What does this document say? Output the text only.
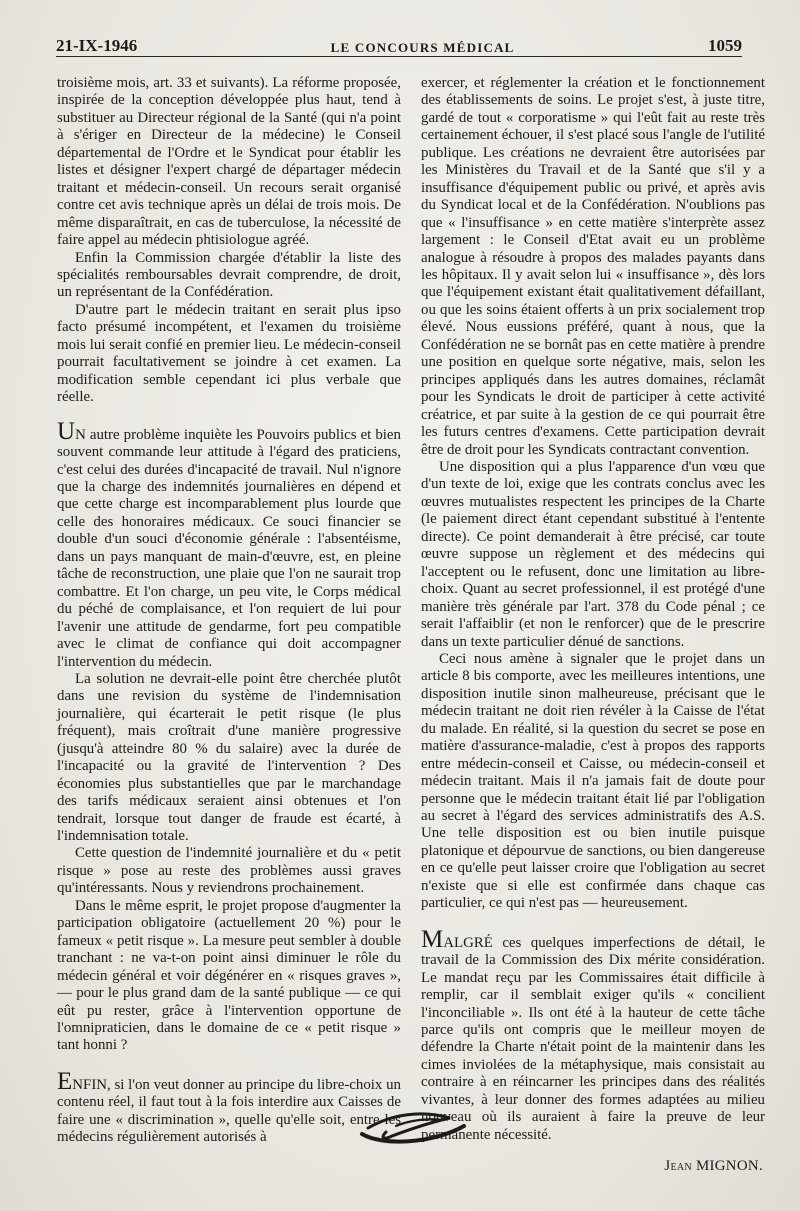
21-IX-1946	LE CONCOURS MÉDICAL	1059

troisième mois, art. 33 et suivants). La réforme proposée, inspirée de la conception développée plus haut, tend à substituer au Directeur régional de la Santé (qui n'a point à s'ériger en Directeur de la médecine) le Conseil départemental de l'Ordre et le Syndicat pour établir les listes et désigner l'expert chargé de départager médecin traitant et médecin-conseil. Un recours serait organisé contre cet avis technique après un délai de trois mois. De même disparaîtrait, en cas de tuberculose, la nécessité de faire appel au médecin phtisiologue agréé.

Enfin la Commission chargée d'établir la liste des spécialités remboursables devrait comprendre, de droit, un représentant de la Confédération.

D'autre part le médecin traitant en serait plus ipso facto présumé incompétent, et l'examen du troisième mois lui serait confié en premier lieu. Le médecin-conseil pourrait facultativement se joindre à cet examen. La modification semble cependant ici plus verbale que réelle.

UN autre problème inquiète les Pouvoirs publics et bien souvent commande leur attitude à l'égard des praticiens, c'est celui des durées d'incapacité de travail. Nul n'ignore que la charge des indemnités journalières en dépend et que cette charge est incomparablement plus lourde que celle des honoraires médicaux. Ce souci financier se double d'un souci d'économie générale : l'absentéisme, dans un pays manquant de main-d'œuvre, est, en pleine tâche de reconstruction, une plaie que l'on ne saurait trop combattre. Et l'on charge, un peu vite, le Corps médical du péché de complaisance, et l'on requiert de lui pour l'avenir une attitude de gendarme, fort peu compatible avec le climat de confiance qui doit accompagner l'intervention du médecin.

La solution ne devrait-elle point être cherchée plutôt dans une revision du système de l'indemnisation journalière, qui écarterait le petit risque (le plus fréquent), mais croîtrait d'une manière progressive (jusqu'à atteindre 80 % du salaire) avec la durée de l'incapacité ou la gravité de l'intervention ? Des économies plus substantielles que par le marchandage des tarifs médicaux seraient ainsi obtenues et l'on tendrait, lorsque tout danger de fraude est écarté, à l'indemnisation totale.

Cette question de l'indemnité journalière et du « petit risque » pose au reste des problèmes aussi graves qu'intéressants. Nous y reviendrons prochainement.

Dans le même esprit, le projet propose d'augmenter la participation obligatoire (actuellement 20 %) pour le fameux « petit risque ». La mesure peut sembler à double tranchant : ne va-t-on point ainsi diminuer le rôle du médecin général et voir dégénérer en « risques graves », — pour le plus grand dam de la santé publique — ce qui eût pu rester, grâce à l'intervention opportune de l'omnipraticien, dans le domaine de ce « petit risque » tant honni ?

ENFIN, si l'on veut donner au principe du libre-choix un contenu réel, il faut tout à la fois interdire aux Caisses de faire une « discrimination », quelle qu'elle soit, entre les médecins régulièrement autorisés à

exercer, et réglementer la création et le fonctionnement des établissements de soins. Le projet s'est, à juste titre, gardé de tout « corporatisme » qui l'eût fait au reste très certainement échouer, il s'est placé sous l'angle de l'utilité publique. Les créations ne devraient être autorisées par les Ministères du Travail et de la Santé que s'il y a insuffisance d'équipement public ou privé, et après avis du Syndicat local et de la Confédération. N'oublions pas que « l'insuffisance » en cette matière s'interprète assez largement : le Conseil d'Etat avait eu un problème analogue à résoudre à propos des malades payants dans les hôpitaux. Il y avait selon lui « insuffisance », dès lors que l'équipement existant était qualitativement défaillant, ou que les soins étaient offerts à un prix socialement trop élevé. Nous eussions préféré, quant à nous, que la Confédération ne se bornât pas en cette matière à prendre une position en quelque sorte négative, mais, selon les principes appliqués dans les autres domaines, réclamât pour les Syndicats le droit de participer à cette activité créatrice, et par suite à la gestion de ce qui pourrait être les futurs centres d'examens. Cette participation devrait être de droit pour les Syndicats contractant convention.

Une disposition qui a plus l'apparence d'un vœu que d'un texte de loi, exige que les contrats conclus avec les œuvres mutualistes respectent les principes de la Charte (le paiement direct étant cependant substitué à l'entente directe). Ce point demanderait à être précisé, car toute œuvre suppose un règlement et des médecins qui l'acceptent ou le refusent, donc une limitation au libre-choix. Quant au secret professionnel, il est protégé d'une manière très générale par l'art. 378 du Code pénal ; ce serait l'affaiblir (et non le renforcer) que de le prescrire dans un texte particulier dénué de sanctions.

Ceci nous amène à signaler que le projet dans un article 8 bis comporte, avec les meilleures intentions, une disposition inutile sinon malheureuse, précisant que le médecin traitant ne doit rien révéler à la Caisse de l'état du malade. En réalité, si la question du secret se pose en matière d'assurance-maladie, c'est à propos des rapports entre médecin-conseil et Caisse, ou médecin-conseil et médecin traitant. Mais il n'a jamais fait de doute pour personne que le médecin traitant était lié par l'obligation au secret à l'égard des services administratifs des A.S. Une telle disposition est ou bien inutile puisque platonique et dépourvue de sanctions, ou bien dangereuse en ce qu'elle peut laisser croire que l'obligation au secret n'existe que si elle est confirmée dans chaque cas particulier, ce qui n'est pas — heureusement.

MALGRÉ ces quelques imperfections de détail, le travail de la Commission des Dix mérite considération. Le mandat reçu par les Commissaires était difficile à remplir, car il semblait exiger qu'ils « concilient l'inconciliable ». Ils ont été à la hauteur de cette tâche parce qu'ils ont compris que le meilleur moyen de défendre la Charte n'était point de la maintenir dans les cimes inviolées de la métaphysique, mais consistait au contraire à en réincarner les principes dans des réalités vivantes, à leur donner des formes adaptées au milieu nouveau où ils auraient à faire la preuve de leur permanente nécessité.

Jean MIGNON.
